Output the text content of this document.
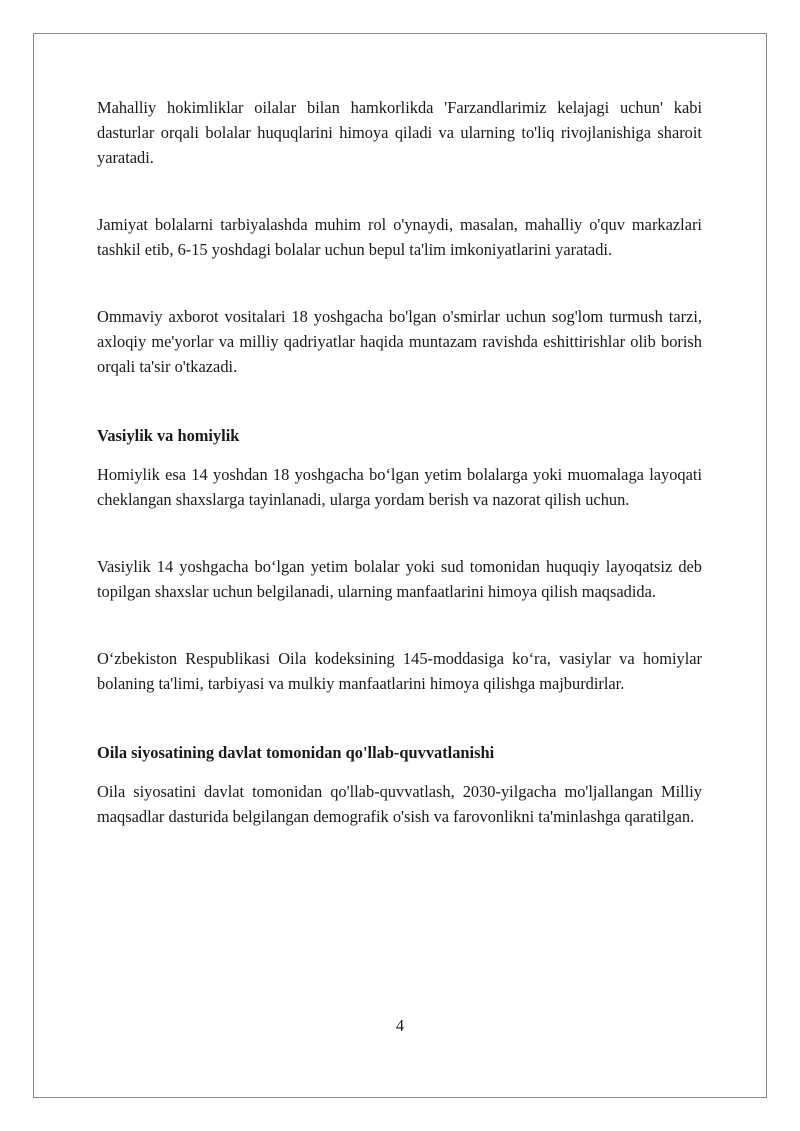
Mahalliy hokimliklar oilalar bilan hamkorlikda 'Farzandlarimiz kelajagi uchun' kabi dasturlar orqali bolalar huquqlarini himoya qiladi va ularning to'liq rivojlanishiga sharoit yaratadi.

Jamiyat bolalarni tarbiyalashda muhim rol o'ynaydi, masalan, mahalliy o'quv markazlari tashkil etib, 6-15 yoshdagi bolalar uchun bepul ta'lim imkoniyatlarini yaratadi.

Ommaviy axborot vositalari 18 yoshgacha bo'lgan o'smirlar uchun sog'lom turmush tarzi, axloqiy me'yorlar va milliy qadriyatlar haqida muntazam ravishda eshittirishlar olib borish orqali ta'sir o'tkazadi.

Vasiylik va homiylik

Homiylik esa 14 yoshdan 18 yoshgacha bo‘lgan yetim bolalarga yoki muomalaga layoqati cheklangan shaxslarga tayinlanadi, ularga yordam berish va nazorat qilish uchun.

Vasiylik 14 yoshgacha bo‘lgan yetim bolalar yoki sud tomonidan huquqiy layoqatsiz deb topilgan shaxslar uchun belgilanadi, ularning manfaatlarini himoya qilish maqsadida.

O‘zbekiston Respublikasi Oila kodeksining 145-moddasiga ko‘ra, vasiylar va homiylar bolaning ta'limi, tarbiyasi va mulkiy manfaatlarini himoya qilishga majburdirlar.

Oila siyosatining davlat tomonidan qo'llab-quvvatlanishi

Oila siyosatini davlat tomonidan qo'llab-quvvatlash, 2030-yilgacha mo'ljallangan Milliy maqsadlar dasturida belgilangan demografik o'sish va farovonlikni ta'minlashga qaratilgan.

4
